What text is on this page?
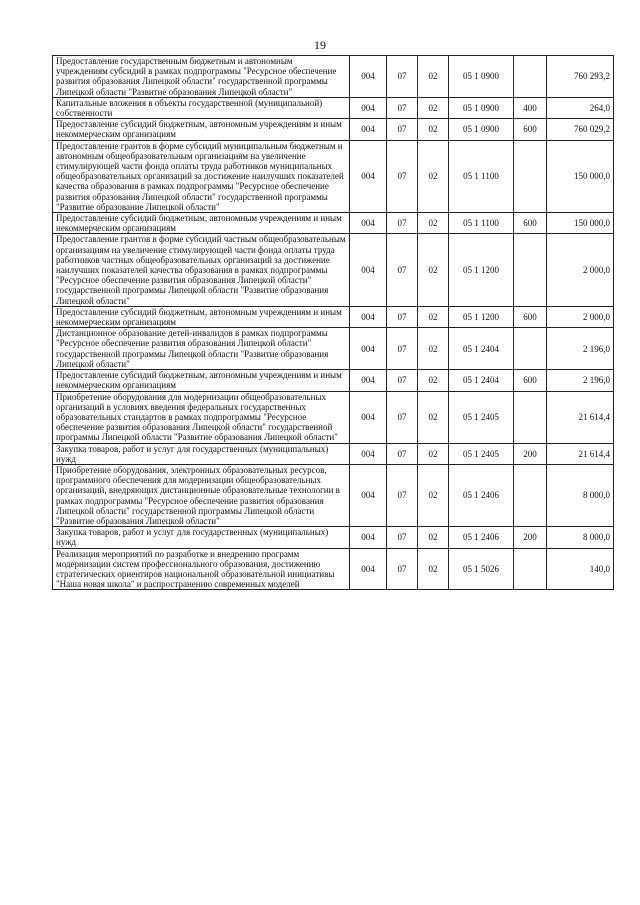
19
Предоставление государственным бюджетным и автономным учреждениям субсидий в рамках подпрограммы "Ресурсное обеспечение развития образования Липецкой области" государственной программы Липецкой области "Развитие образования Липецкой области"	004	07	02	05 1 0900		760 293,2
Капитальные вложения в объекты государственной (муниципальной) собственности	004	07	02	05 1 0900	400	264,0
Предоставление субсидий бюджетным, автономным учреждениям и иным некоммерческим организациям	004	07	02	05 1 0900	600	760 029,2
Предоставление грантов в форме субсидий муниципальным бюджетным и автономным общеобразовательным организациям на увеличение стимулирующей части фонда оплаты труда работников муниципальных общеобразовательных организаций за достижение наилучших показателей качества образования в рамках подпрограммы "Ресурсное обеспечение развития образования Липецкой области" государственной программы "Развитие образование Липецкой области"	004	07	02	05 1 1100		150 000,0
Предоставление субсидий бюджетным, автономным учреждениям и иным некоммерческим организациям	004	07	02	05 1 1100	600	150 000,0
Предоставление грантов в форме субсидий частным общеобразовательным организациям на увеличение стимулирующей части фонда оплаты труда работников частных общеобразовательных организаций за достижение наилучших показателей качества образования в рамках подпрограммы "Ресурсное обеспечение развития образования Липецкой области" государственной программы Липецкой области "Развитие образования Липецкой области"	004	07	02	05 1 1200		2 000,0
Предоставление субсидий бюджетным, автономным учреждениям и иным некоммерческим организациям	004	07	02	05 1 1200	600	2 000,0
Дистанционное образование детей-инвалидов в рамках подпрограммы "Ресурсное обеспечение развития образования Липецкой области" государственной программы Липецкой области "Развитие образования Липецкой области"	004	07	02	05 1 2404		2 196,0
Предоставление субсидий бюджетным, автономным учреждениям и иным некоммерческим организациям	004	07	02	05 1 2404	600	2 196,0
Приобретение оборудования для модернизации общеобразовательных организаций в условиях введения федеральных государственных образовательных стандартов в рамках подпрограммы "Ресурсное обеспечение развития образования Липецкой области" государственной программы Липецкой области "Развитие образования Липецкой области"	004	07	02	05 1 2405		21 614,4
Закупка товаров, работ и услуг для государственных (муниципальных) нужд	004	07	02	05 1 2405	200	21 614,4
Приобретение оборудования, электронных образовательных ресурсов, программного обеспечения для модернизации общеобразовательных организаций, внедряющих дистанционные образовательные технологии в рамках подпрограммы "Ресурсное обеспечение развития образования Липецкой области" государственной программы Липецкой области "Развитие образования Липецкой области"	004	07	02	05 1 2406		8 000,0
Закупка товаров, работ и услуг для государственных (муниципальных) нужд	004	07	02	05 1 2406	200	8 000,0
Реализация мероприятий по разработке и внедрению программ модернизации систем профессионального образования, достижению стратегических ориентиров национальной образовательной инициативы "Наша новая школа" и распространению современных моделей	004	07	02	05 1 5026		140,0
